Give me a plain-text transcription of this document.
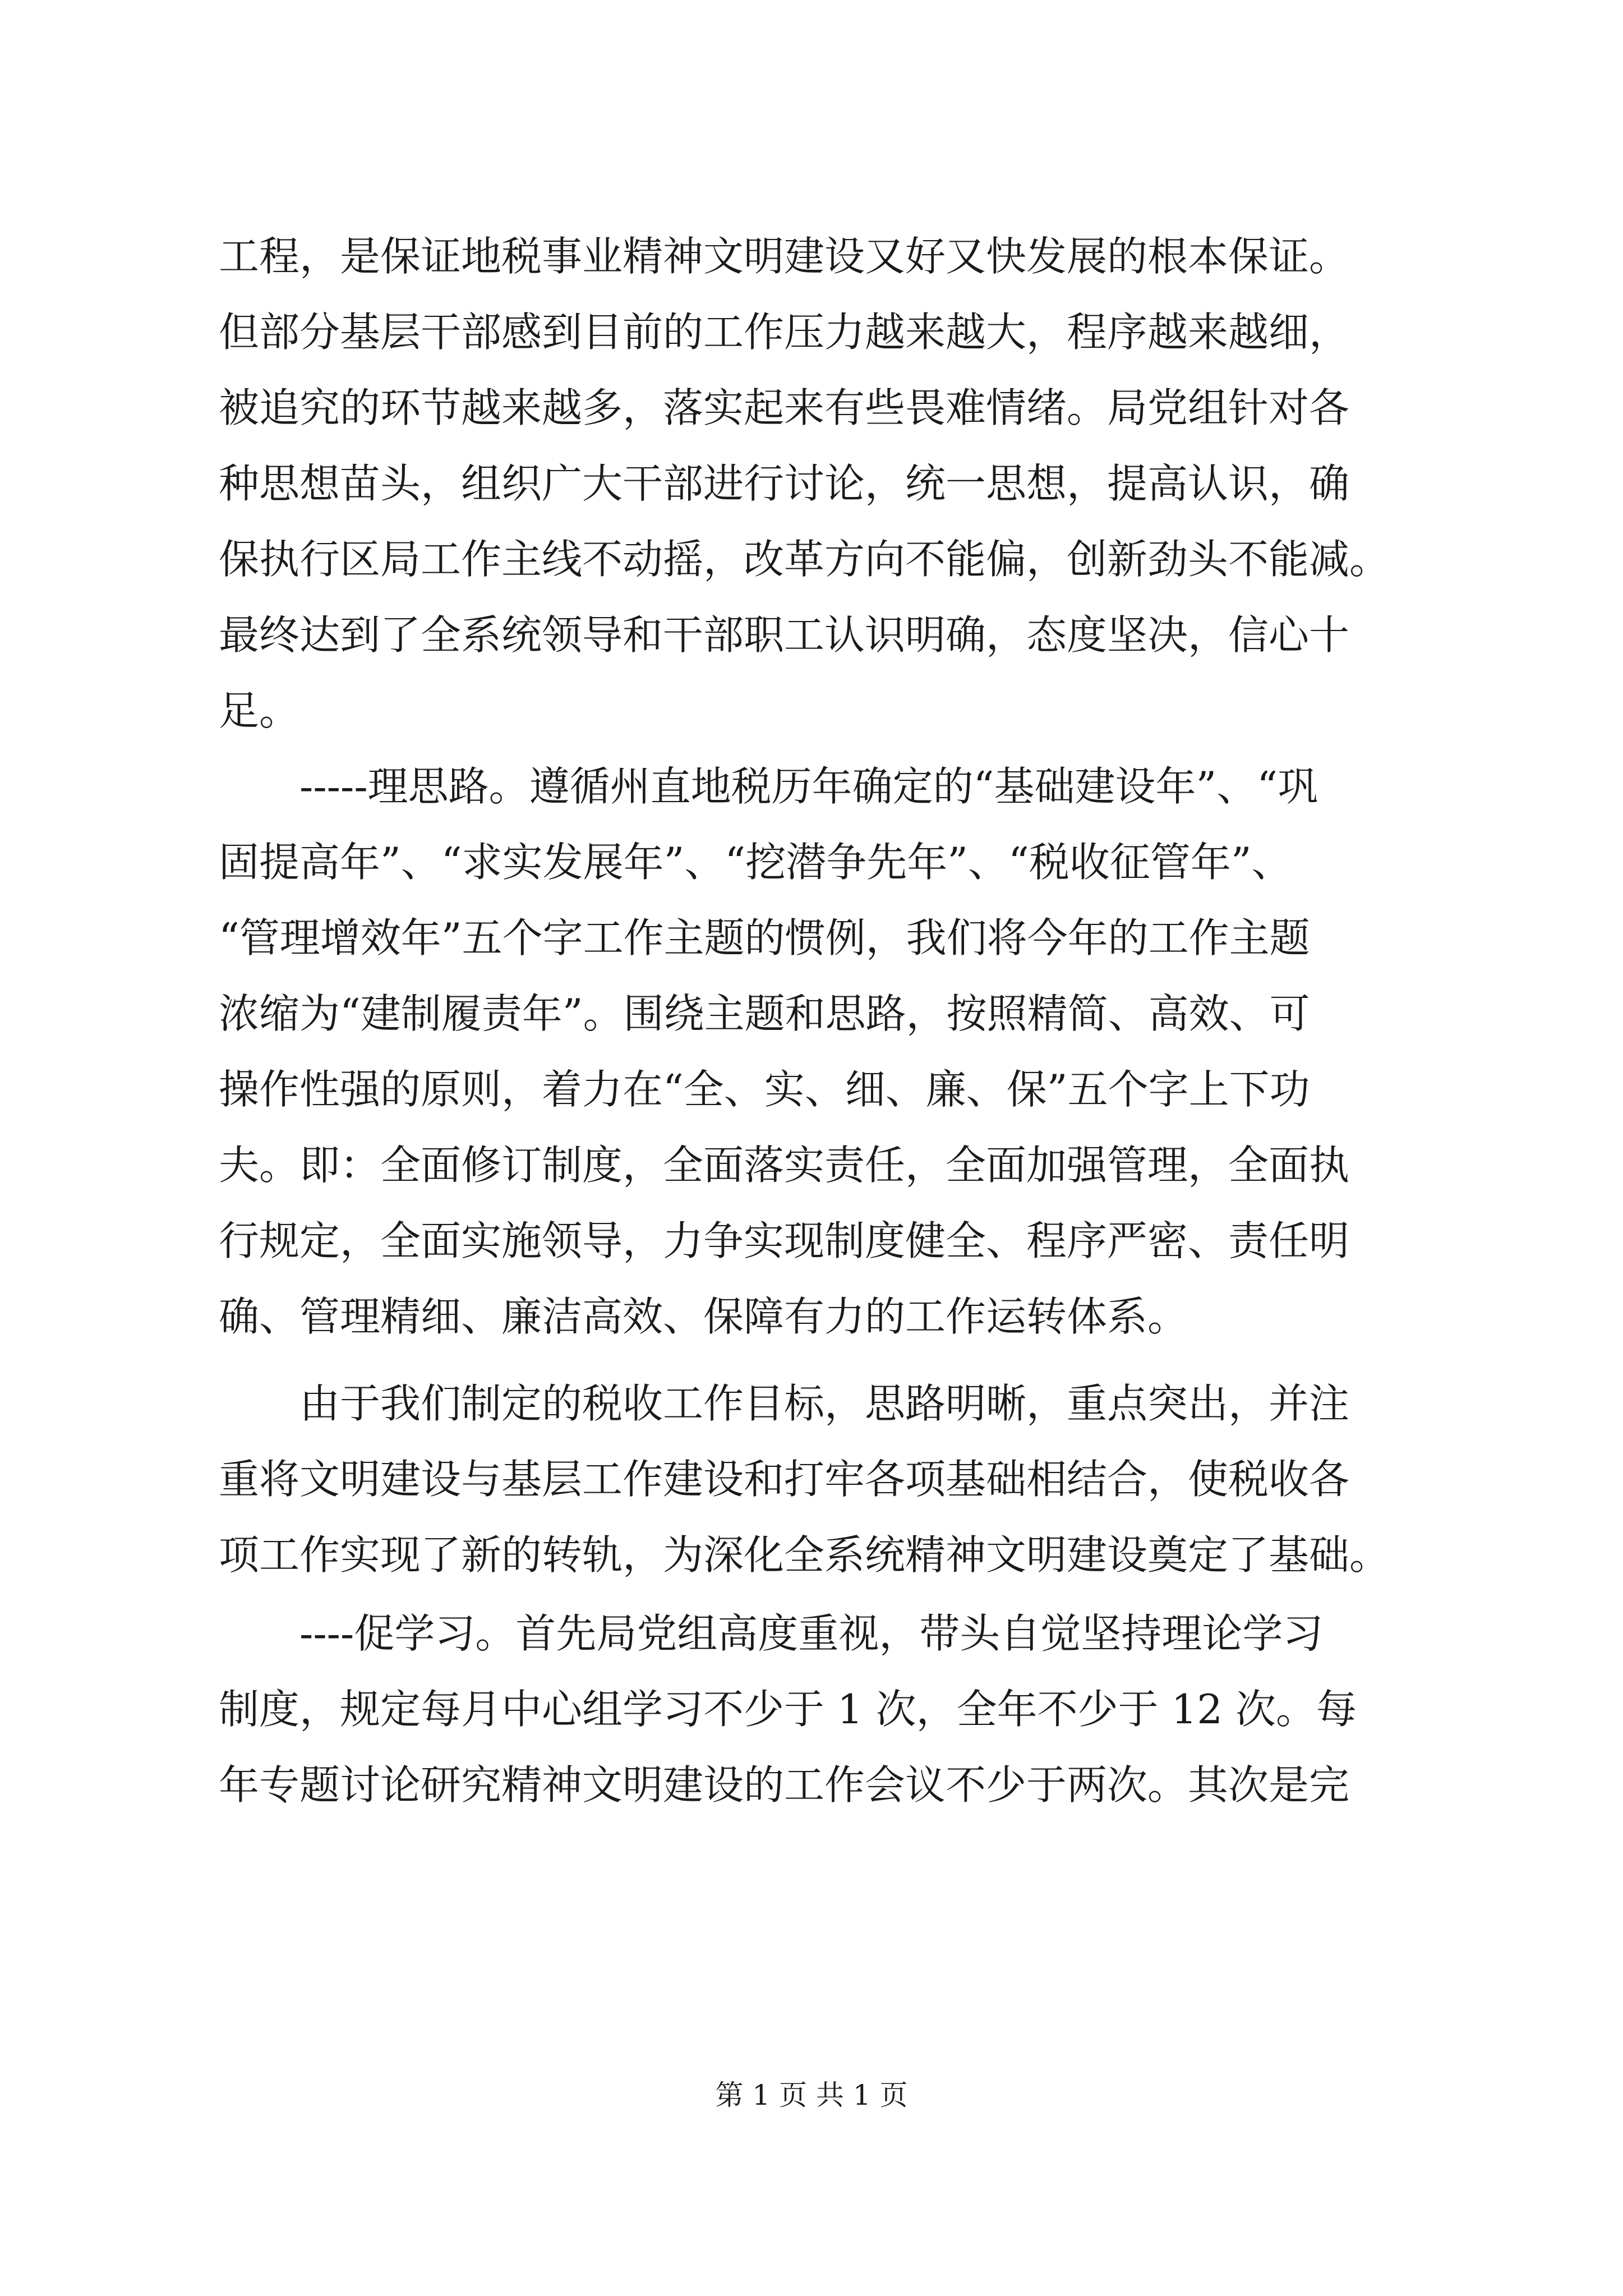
工程，是保证地税事业精神文明建设又好又快发展的根本保证。
但部分基层干部感到目前的工作压力越来越大，程序越来越细，
被追究的环节越来越多，落实起来有些畏难情绪。局党组针对各
种思想苗头，组织广大干部进行讨论，统一思想，提高认识，确
保执行区局工作主线不动摇，改革方向不能偏，创新劲头不能减。
最终达到了全系统领导和干部职工认识明确，态度坚决，信心十
足。
-----理思路。遵循州直地税历年确定的“基础建设年”、“巩
固提高年”、“求实发展年”、“挖潜争先年”、“税收征管年”、
“管理增效年”五个字工作主题的惯例，我们将今年的工作主题
浓缩为“建制履责年”。围绕主题和思路，按照精简、高效、可
操作性强的原则，着力在“全、实、细、廉、保”五个字上下功
夫。即：全面修订制度，全面落实责任，全面加强管理，全面执
行规定，全面实施领导，力争实现制度健全、程序严密、责任明
确、管理精细、廉洁高效、保障有力的工作运转体系。
由于我们制定的税收工作目标，思路明晰，重点突出，并注
重将文明建设与基层工作建设和打牢各项基础相结合，使税收各
项工作实现了新的转轨，为深化全系统精神文明建设奠定了基础。
----促学习。首先局党组高度重视，带头自觉坚持理论学习
制度，规定每月中心组学习不少于 1 次，全年不少于 12 次。每
年专题讨论研究精神文明建设的工作会议不少于两次。其次是完
第 1 页 共 1 页
